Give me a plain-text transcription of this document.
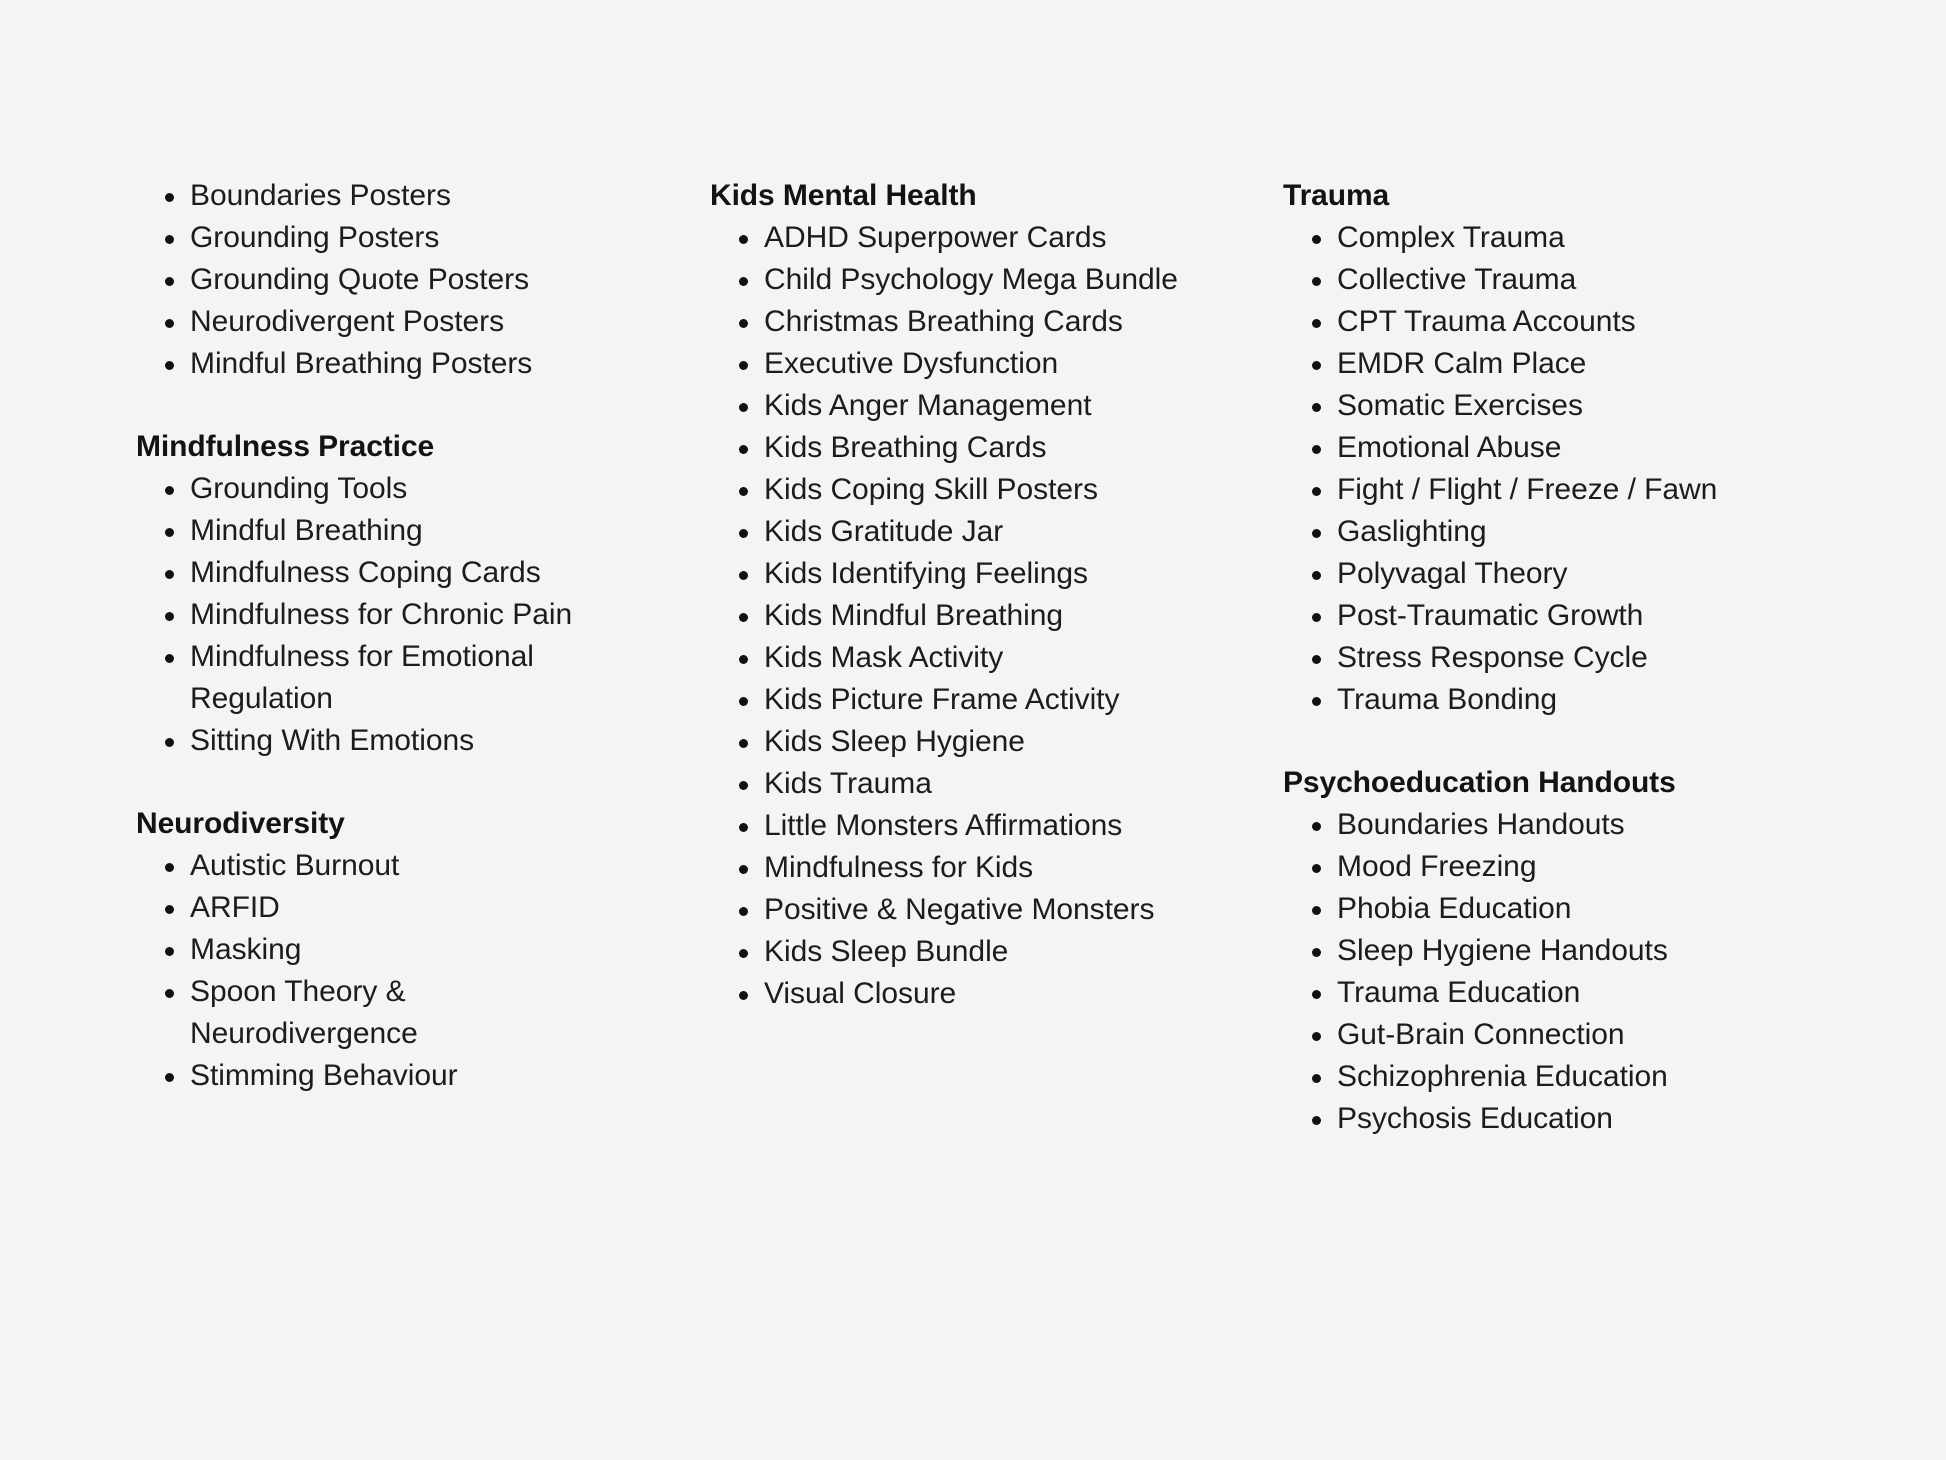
Boundaries Posters
Grounding Posters
Grounding Quote Posters
Neurodivergent Posters
Mindful Breathing Posters
Mindfulness Practice
Grounding Tools
Mindful Breathing
Mindfulness Coping Cards
Mindfulness for Chronic Pain
Mindfulness for Emotional Regulation
Sitting With Emotions
Neurodiversity
Autistic Burnout
ARFID
Masking
Spoon Theory & Neurodivergence
Stimming Behaviour
Kids Mental Health
ADHD Superpower Cards
Child Psychology Mega Bundle
Christmas Breathing Cards
Executive Dysfunction
Kids Anger Management
Kids Breathing Cards
Kids Coping Skill Posters
Kids Gratitude Jar
Kids Identifying Feelings
Kids Mindful Breathing
Kids Mask Activity
Kids Picture Frame Activity
Kids Sleep Hygiene
Kids Trauma
Little Monsters Affirmations
Mindfulness for Kids
Positive & Negative Monsters
Kids Sleep Bundle
Visual Closure
Trauma
Complex Trauma
Collective Trauma
CPT Trauma Accounts
EMDR Calm Place
Somatic Exercises
Emotional Abuse
Fight / Flight / Freeze / Fawn
Gaslighting
Polyvagal Theory
Post-Traumatic Growth
Stress Response Cycle
Trauma Bonding
Psychoeducation Handouts
Boundaries Handouts
Mood Freezing
Phobia Education
Sleep Hygiene Handouts
Trauma Education
Gut-Brain Connection
Schizophrenia Education
Psychosis Education
